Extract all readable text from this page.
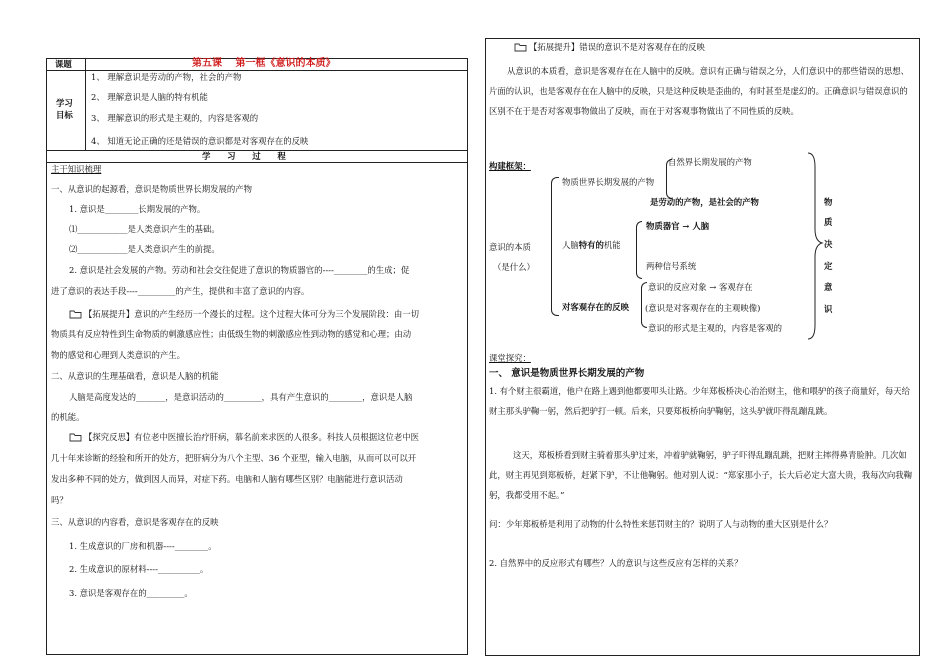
课题	第五课　 第一框《意识的本质》
学习
目标
1、 理解意识是劳动的产物，社会的产物
2、 理解意识是人脑的特有机能
3、 理解意识的形式是主观的，内容是客观的
4、 知道无论正确的还是错误的意识都是对客观存在的反映
学　　习　　过　　程
主干知识梳理
一、从意识的起源看，意识是物质世界长期发展的产物
1. 意识是________长期发展的产物。
⑴____________是人类意识产生的基础。
⑵____________是人类意识产生的前提。
2. 意识是社会发展的产物。劳动和社会交往促进了意识的物质器官的----________的生成；促
进了意识的表达手段----_________的产生，提供和丰富了意识的内容。
【拓展提升】意识的产生经历一个漫长的过程。这个过程大体可分为三个发展阶段：由一切
物质具有反应特性到生命物质的刺激感应性；由低级生物的刺激感应性到动物的感觉和心理；由动
物的感觉和心理到人类意识的产生。
二、从意识的生理基础看，意识是人脑的机能
人脑是高度发达的_______，是意识活动的_________，具有产生意识的________，意识是人脑
的机能。
【探究反思】有位老中医擅长治疗肝病，慕名前来求医的人很多。科技人员根据这位老中医
几十年来诊断的经验和所开的处方，把肝病分为八个主型、36 个亚型，输入电脑，从而可以可以开
发出多种不同的处方，做到因人而异，对症下药。电脑和人脑有哪些区别？电脑能进行意识活动
吗？
三、从意识的内容看，意识是客观存在的反映
1. 生成意识的厂房和机器----________。
2. 生成意识的原材料----__________。
3. 意识是客观存在的_________。
【拓展提升】错误的意识不是对客观存在的反映
从意识的本质看，意识是客观存在在人脑中的反映。意识有正确与错误之分，人们意识中的那些错误的思想、片面的认识，也是客观存在在人脑中的反映，只是这种反映是歪曲的，有时甚至是虚幻的。正确意识与错误意识的区别不在于是否对客观事物做出了反映，而在于对客观事物做出了不同性质的反映。
构建框架：
意识的本质
（是什么）
物质世界长期发展的产物
自然界长期发展的产物
是劳动的产物，是社会的产物
人脑特有的机能
物质器官 → 人脑
两种信号系统
对客观存在的反映
意识的反应对象 → 客观存在
(意识是对客观存在的主观映像)
意识的形式是主观的，内容是客观的
物
质
决
定
意
识
课堂探究：
一、 意识是物质世界长期发展的产物
1. 有个财主很霸道，他户在路上遇到他都要叩头让路。少年郑板桥决心治治财主，他和喂驴的孩子商量好，每天给财主那头驴鞠一躬，然后把驴打一顿。后来，只要郑板桥向驴鞠躬，这头驴就吓得乱蹦乱跳。
这天，郑板桥看到财主骑着那头驴过来，冲着驴就鞠躬，驴子吓得乱蹦乱跳，把财主摔得鼻青脸肿。几次如此，财主再见到郑板桥，赶紧下驴，不让他鞠躬。他对别人说：“郑家那小子，长大后必定大富大贵，我每次向我鞠躬，我都受用不起。”
问：少年郑板桥是利用了动物的什么特性来惩罚财主的？说明了人与动物的重大区别是什么？
2. 自然界中的反应形式有哪些？人的意识与这些反应有怎样的关系？
